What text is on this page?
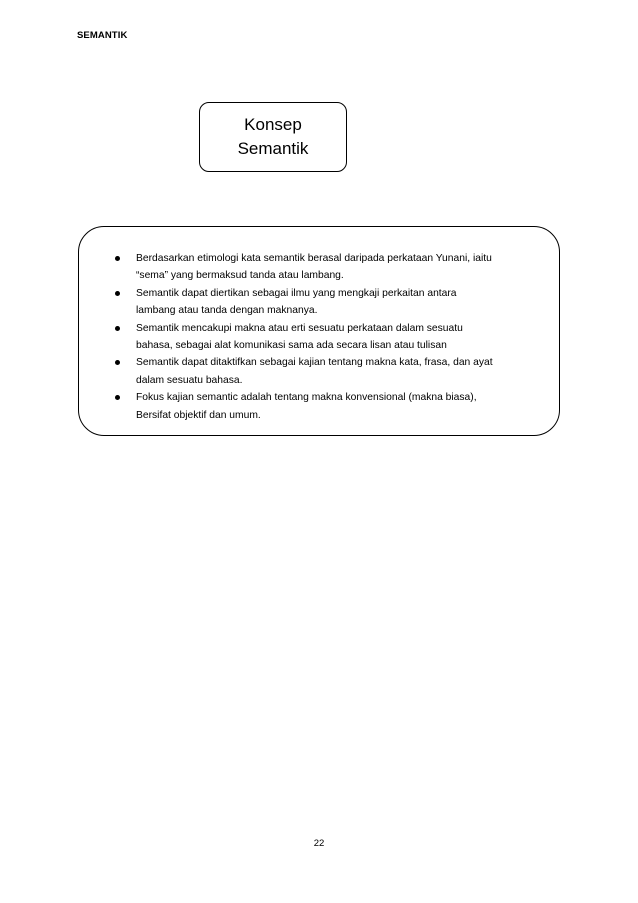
SEMANTIK
Konsep
Semantik
Berdasarkan etimologi kata semantik berasal daripada perkataan Yunani, iaitu
“sema” yang bermaksud tanda atau lambang.
Semantik dapat diertikan sebagai ilmu yang mengkaji perkaitan antara
lambang atau tanda dengan maknanya.
Semantik mencakupi makna atau erti sesuatu perkataan dalam sesuatu
bahasa, sebagai alat komunikasi sama ada secara lisan atau tulisan
Semantik dapat ditaktifkan sebagai kajian tentang makna kata, frasa, dan ayat
dalam sesuatu bahasa.
Fokus kajian semantic adalah tentang makna konvensional (makna biasa),
Bersifat objektif dan umum.
22
